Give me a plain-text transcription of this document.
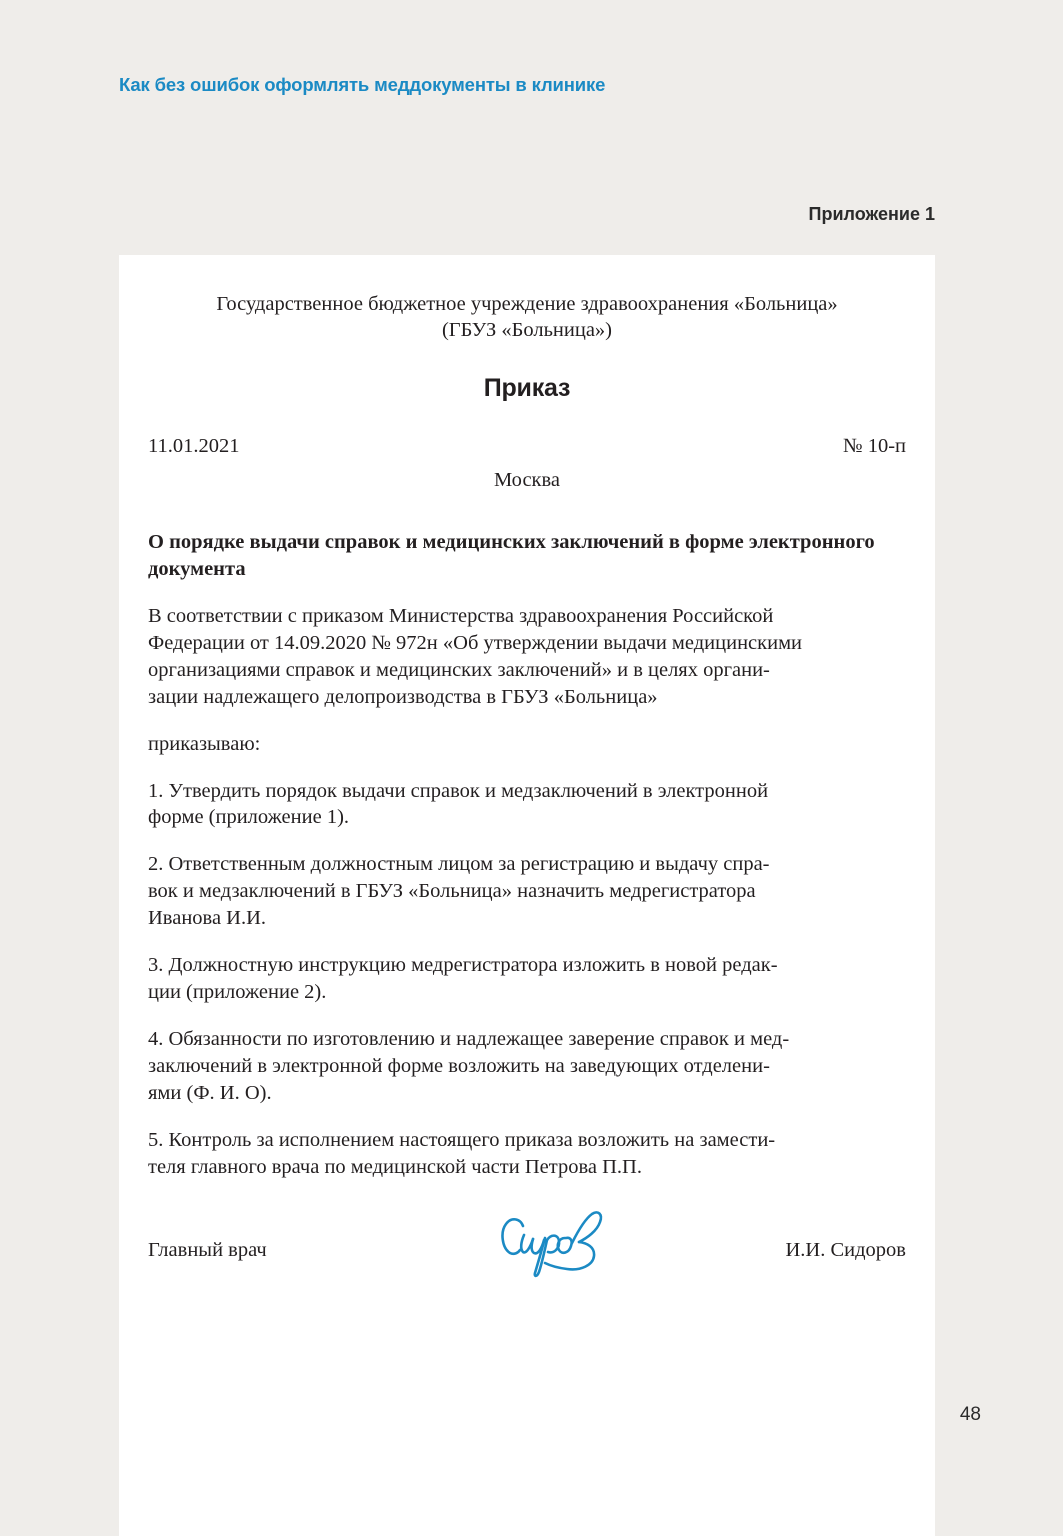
Как без ошибок оформлять меддокументы в клинике
Приложение 1
Государственное бюджетное учреждение здравоохранения «Больница»
(ГБУЗ «Больница»)
Приказ
11.01.2021	№ 10-п
Москва
О порядке выдачи справок и медицинских заключений в форме электронного документа
В соответствии с приказом Министерства здравоохранения Российской
Федерации от 14.09.2020 № 972н «Об утверждении выдачи медицинскими
организациями справок и медицинских заключений» и в целях органи-
зации надлежащего делопроизводства в ГБУЗ «Больница»
приказываю:
1. Утвердить порядок выдачи справок и медзаключений в электронной
форме (приложение 1).
2. Ответственным должностным лицом за регистрацию и выдачу спра-
вок и медзаключений в ГБУЗ «Больница» назначить медрегистратора
Иванова И.И.
3. Должностную инструкцию медрегистратора изложить в новой редак-
ции (приложение 2).
4. Обязанности по изготовлению и надлежащее заверение справок и мед-
заключений в электронной форме возложить на заведующих отделени-
ями (Ф. И. О).
5. Контроль за исполнением настоящего приказа возложить на замести-
теля главного врача по медицинской части Петрова П.П.
Главный врач	И.И. Сидоров
48
